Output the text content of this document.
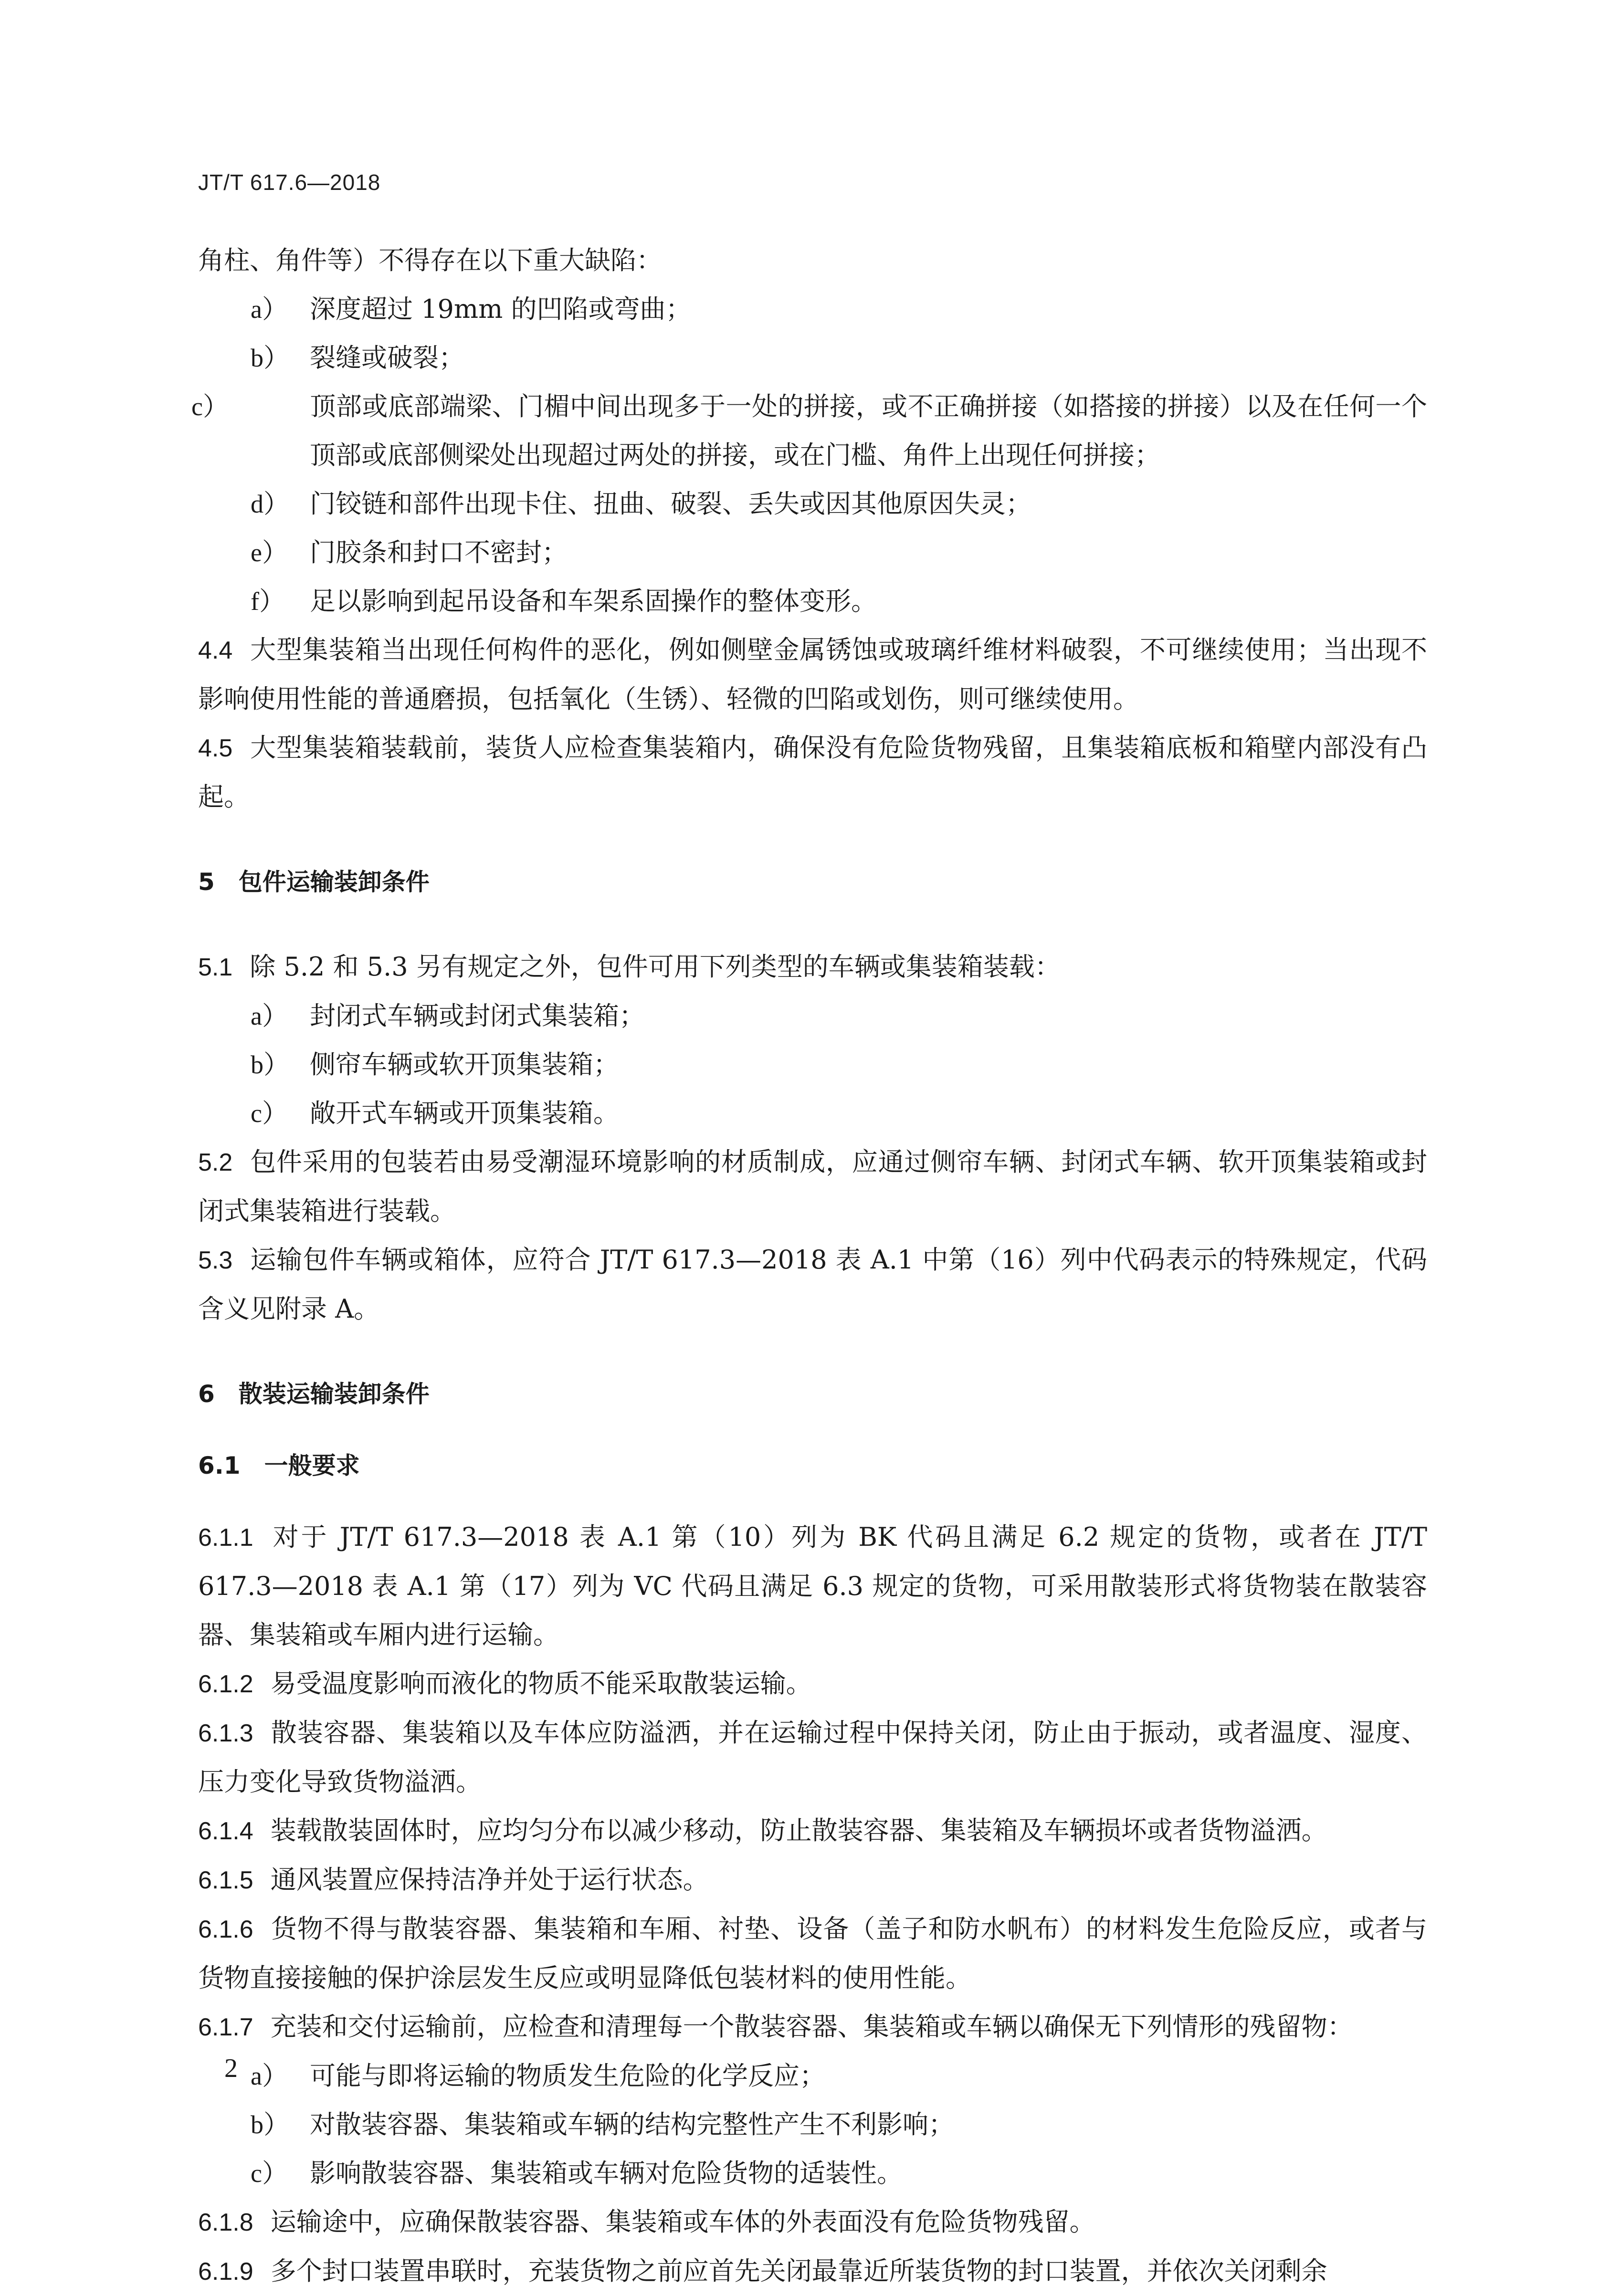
JT/T 617.6—2018

角柱、角件等）不得存在以下重大缺陷：

a） 深度超过 19mm 的凹陷或弯曲；

b） 裂缝或破裂；

c）	顶部或底部端梁、门楣中间出现多于一处的拼接，或不正确拼接（如搭接的拼接）以及在任何一个顶部或底部侧梁处出现超过两处的拼接，或在门槛、角件上出现任何拼接；

d） 门铰链和部件出现卡住、扭曲、破裂、丢失或因其他原因失灵；

e） 门胶条和封口不密封；

f） 足以影响到起吊设备和车架系固操作的整体变形。

4.4 大型集装箱当出现任何构件的恶化，例如侧壁金属锈蚀或玻璃纤维材料破裂，不可继续使用；当出现不影响使用性能的普通磨损，包括氧化（生锈）、轻微的凹陷或划伤，则可继续使用。

4.5 大型集装箱装载前，装货人应检查集装箱内，确保没有危险货物残留，且集装箱底板和箱壁内部没有凸起。

5 包件运输装卸条件

5.1 除 5.2 和 5.3 另有规定之外，包件可用下列类型的车辆或集装箱装载：

a） 封闭式车辆或封闭式集装箱；

b） 侧帘车辆或软开顶集装箱；

c） 敞开式车辆或开顶集装箱。

5.2 包件采用的包装若由易受潮湿环境影响的材质制成，应通过侧帘车辆、封闭式车辆、软开顶集装箱或封闭式集装箱进行装载。

5.3 运输包件车辆或箱体，应符合 JT/T 617.3—2018 表 A.1 中第（16）列中代码表示的特殊规定，代码含义见附录 A。

6 散装运输装卸条件

6.1 一般要求

6.1.1 对于 JT/T 617.3—2018 表 A.1 第（10）列为 BK 代码且满足 6.2 规定的货物，或者在 JT/T 617.3—2018 表 A.1 第（17）列为 VC 代码且满足 6.3 规定的货物，可采用散装形式将货物装在散装容器、集装箱或车厢内进行运输。

6.1.2 易受温度影响而液化的物质不能采取散装运输。

6.1.3 散装容器、集装箱以及车体应防溢洒，并在运输过程中保持关闭，防止由于振动，或者温度、湿度、压力变化导致货物溢洒。

6.1.4 装载散装固体时，应均匀分布以减少移动，防止散装容器、集装箱及车辆损坏或者货物溢洒。

6.1.5 通风装置应保持洁净并处于运行状态。

6.1.6 货物不得与散装容器、集装箱和车厢、衬垫、设备（盖子和防水帆布）的材料发生危险反应，或者与货物直接接触的保护涂层发生反应或明显降低包装材料的使用性能。

6.1.7 充装和交付运输前，应检查和清理每一个散装容器、集装箱或车辆以确保无下列情形的残留物：

a） 可能与即将运输的物质发生危险的化学反应；

b） 对散装容器、集装箱或车辆的结构完整性产生不利影响；

c） 影响散装容器、集装箱或车辆对危险货物的适装性。

6.1.8 运输途中，应确保散装容器、集装箱或车体的外表面没有危险货物残留。

6.1.9 多个封口装置串联时，充装货物之前应首先关闭最靠近所装货物的封口装置，并依次关闭剩余

2
